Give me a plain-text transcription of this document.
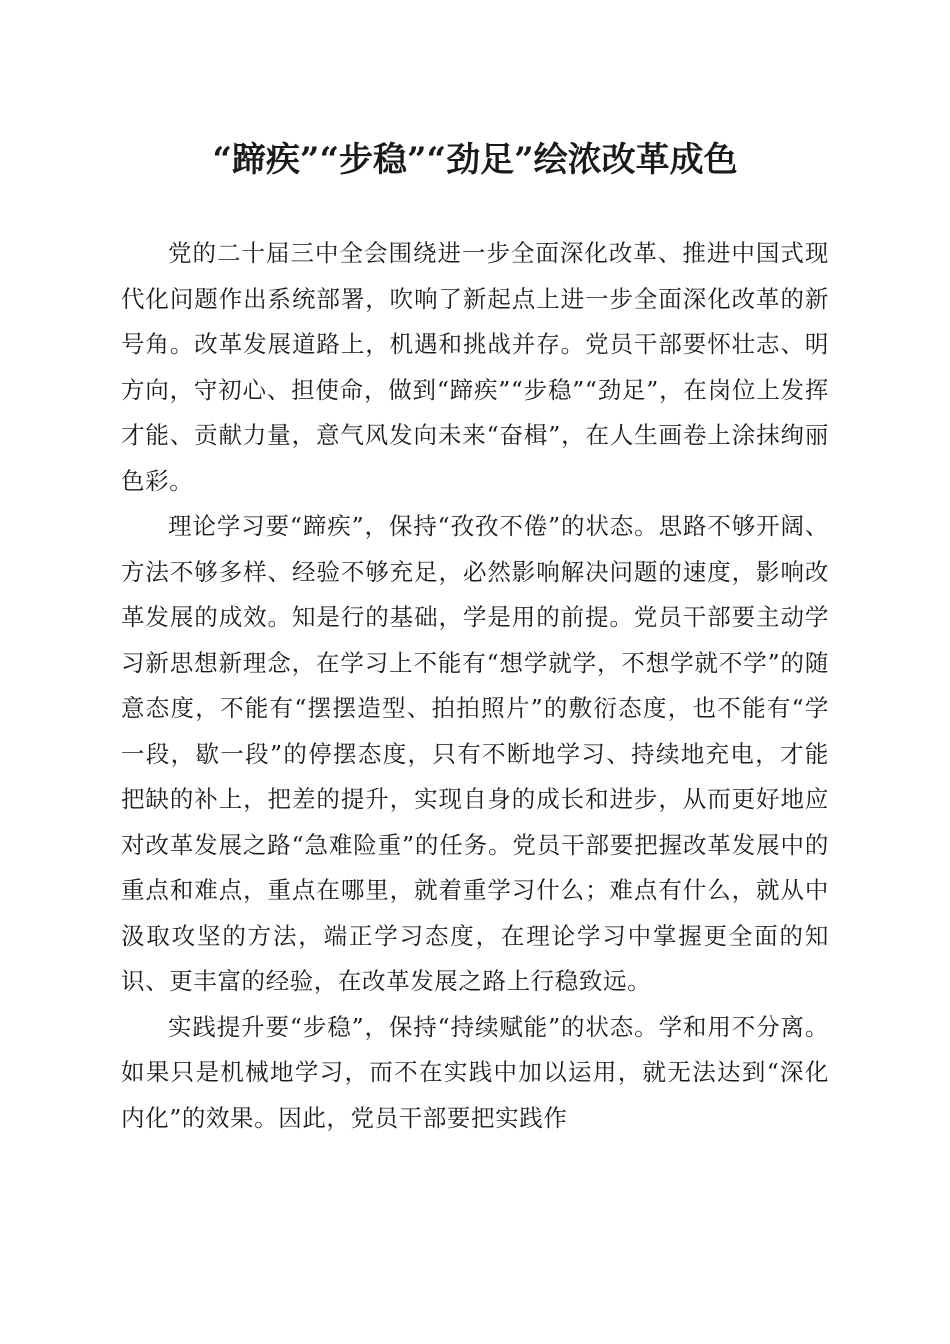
“蹄疾”“步稳”“劲足”绘浓改革成色

党的二十届三中全会围绕进一步全面深化改革、推进中国式现代化问题作出系统部署，吹响了新起点上进一步全面深化改革的新号角。改革发展道路上，机遇和挑战并存。党员干部要怀壮志、明方向，守初心、担使命，做到“蹄疾”“步稳”“劲足”，在岗位上发挥才能、贡献力量，意气风发向未来“奋楫”，在人生画卷上涂抹绚丽色彩。

理论学习要“蹄疾”，保持“孜孜不倦”的状态。思路不够开阔、方法不够多样、经验不够充足，必然影响解决问题的速度，影响改革发展的成效。知是行的基础，学是用的前提。党员干部要主动学习新思想新理念，在学习上不能有“想学就学，不想学就不学”的随意态度，不能有“摆摆造型、拍拍照片”的敷衍态度，也不能有“学一段，歇一段”的停摆态度，只有不断地学习、持续地充电，才能把缺的补上，把差的提升，实现自身的成长和进步，从而更好地应对改革发展之路“急难险重”的任务。党员干部要把握改革发展中的重点和难点，重点在哪里，就着重学习什么；难点有什么，就从中汲取攻坚的方法，端正学习态度，在理论学习中掌握更全面的知识、更丰富的经验，在改革发展之路上行稳致远。

实践提升要“步稳”，保持“持续赋能”的状态。学和用不分离。如果只是机械地学习，而不在实践中加以运用，就无法达到“深化内化”的效果。因此，党员干部要把实践作
